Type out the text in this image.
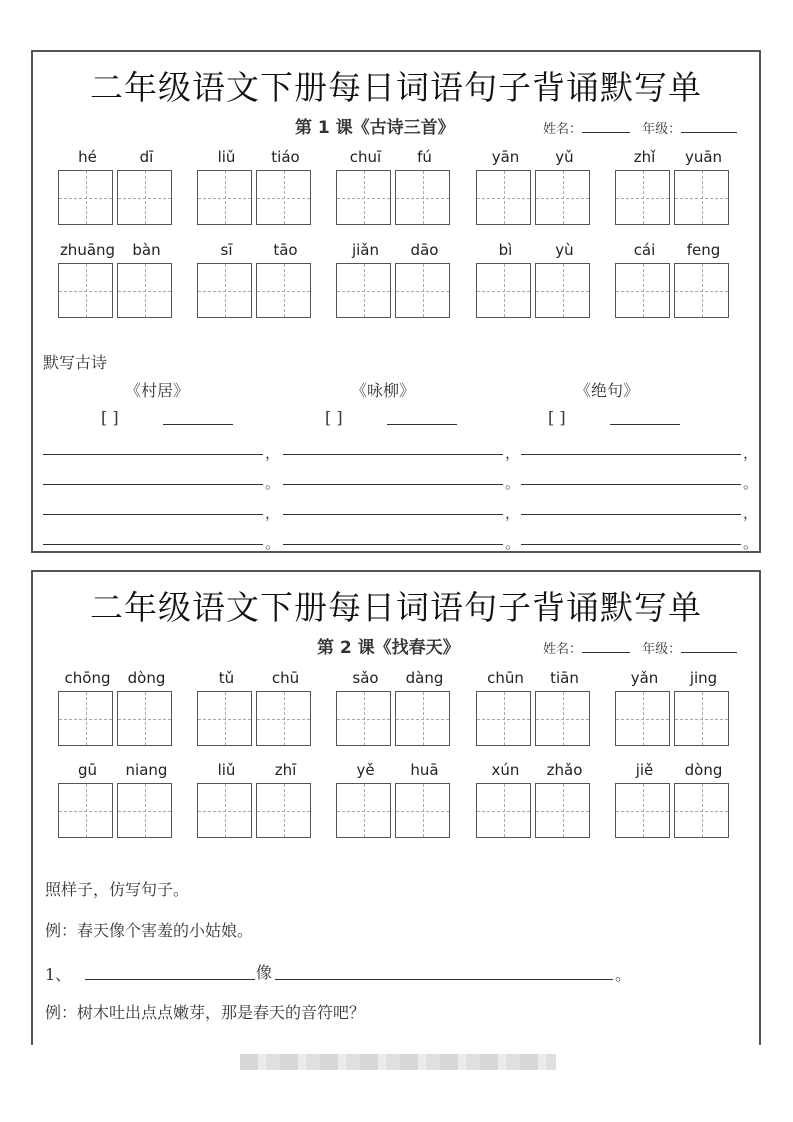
二年级语文下册每日词语句子背诵默写单
第 1 课《古诗三首》	姓名：	年级：
hé	dī	liǔ	tiáo	chuī	fú	yān	yǔ	zhǐ	yuān
zhuāng	bàn	sī	tāo	jiǎn	dāo	bì	yù	cái	feng
默写古诗
《村居》	《咏柳》	《绝句》
[ ]	[ ]	[ ]
，	，	，
。	。	。
，	，	，
。	。	。
二年级语文下册每日词语句子背诵默写单
第 2 课《找春天》	姓名：	年级：
chōng	dòng	tǔ	chū	sǎo	dàng	chūn	tiān	yǎn	jing
gū	niang	liǔ	zhī	yě	huā	xún	zhǎo	jiě	dòng
照样子，仿写句子。
例：春天像个害羞的小姑娘。
1、	像	。
例：树木吐出点点嫩芽，那是春天的音符吧？
